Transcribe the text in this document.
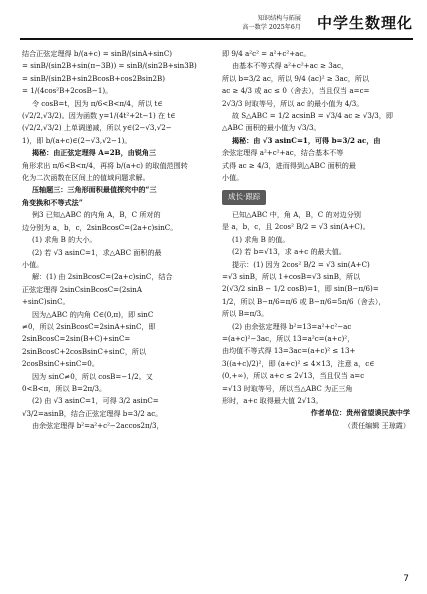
知识结构与拓展
高一数学 2025年6月 中学生数理化

结合正弦定理得 b/(a+c) = sinB/(sinA+sinC)

= sinB/(sin2B+sin(π−3B)) = sinB/(sin2B+sin3B)

= sinB/(sin2B+sin2BcosB+cos2Bsin2B)

= 1/(4cos²B+2cosB−1)。

令 cosB=t，因为 π/6<B<π/4，所以 t∈

(√2/2,√3/2)。因为函数 y=1/(4t²+2t−1) 在 t∈

(√2/2,√3/2) 上单调递减，所以 y∈(2−√3,√2−

1)，即 b/(a+c)∈(2−√3,√2−1)。

揭秘：由正弦定理得 A=2B，由锐角三

角形求出 π/6<B<π/4，再将 b/(a+c) 的取值范围转

化为二次函数在区间上的值域问题求解。

压轴题三：三角形面积最值探究中的“三

角变换和不等式法”

例3 已知△ABC 的内角 A，B，C 所对的

边分别为 a，b，c，2sinBcosC=(2a+c)sinC。

(1) 求角 B 的大小。

(2) 若 √3 asinC=1，求△ABC 面积的最

小值。

解：(1) 由 2sinBcosC=(2a+c)sinC，结合

正弦定理得 2sinCsinBcosC=(2sinA

+sinC)sinC。

因为△ABC 的内角 C∈(0,π)，即 sinC

≠0，所以 2sinBcosC=2sinA+sinC，即

2sinBcosC=2sin(B+C)+sinC=

2sinBcosC+2cosBsinC+sinC，所以

2cosBsinC+sinC=0。

因为 sinC≠0，所以 cosB=−1/2。又

0<B<π，所以 B=2π/3。

(2) 由 √3 asinC=1，可得 3/2 asinC=

√3/2=asinB，结合正弦定理得 b=3/2 ac。

由余弦定理得 b²=a²+c²−2accos2π/3，

即 9/4 a²c² = a²+c²+ac。

由基本不等式得 a²+c²+ac ≥ 3ac，

所以 b=3/2 ac，所以 9/4 (ac)² ≥ 3ac，所以

ac ≥ 4/3 或 ac ≤ 0（舍去），当且仅当 a=c=

2√3/3 时取等号，所以 ac 的最小值为 4/3。

故 S△ABC = 1/2 acsinB = √3/4 ac ≥ √3/3，即

△ABC 面积的最小值为 √3/3。

揭秘：由 √3 asinC=1，可得 b=3/2 ac，由

余弦定理得 a²+c²+ac，结合基本不等

式得 ac ≥ 4/3，进而得到△ABC 面积的最

小值。

成长·跟踪

已知△ABC 中，角 A，B，C 的对边分别

是 a，b，c，且 2cos² B/2 = √3 sin(A+C)。

(1) 求角 B 的值。

(2) 若 b=√13，求 a+c 的最大值。

提示：(1) 因为 2cos² B/2 = √3 sin(A+C)

=√3 sinB，所以 1+cosB=√3 sinB，所以

2(√3/2 sinB − 1/2 cosB)=1，即 sin(B−π/6)=

1/2，所以 B−π/6=π/6 或 B−π/6=5π/6（舍去），

所以 B=π/3。

(2) 由余弦定理得 b²=13=a²+c²−ac

=(a+c)²−3ac，所以 13=a²c=(a+c)²，

由均值不等式得 13=3ac=(a+c)² ≤ 13+

3((a+c)/2)²，即 (a+c)² ≤ 4×13，注意 a，c∈

(0,+∞)，所以 a+c ≤ 2√13，当且仅当 a=c

=√13 时取等号，所以当△ABC 为正三角

形时，a+c 取得最大值 2√13。

作者单位：贵州省望谟民族中学

（责任编辑 王琼霞）

7
